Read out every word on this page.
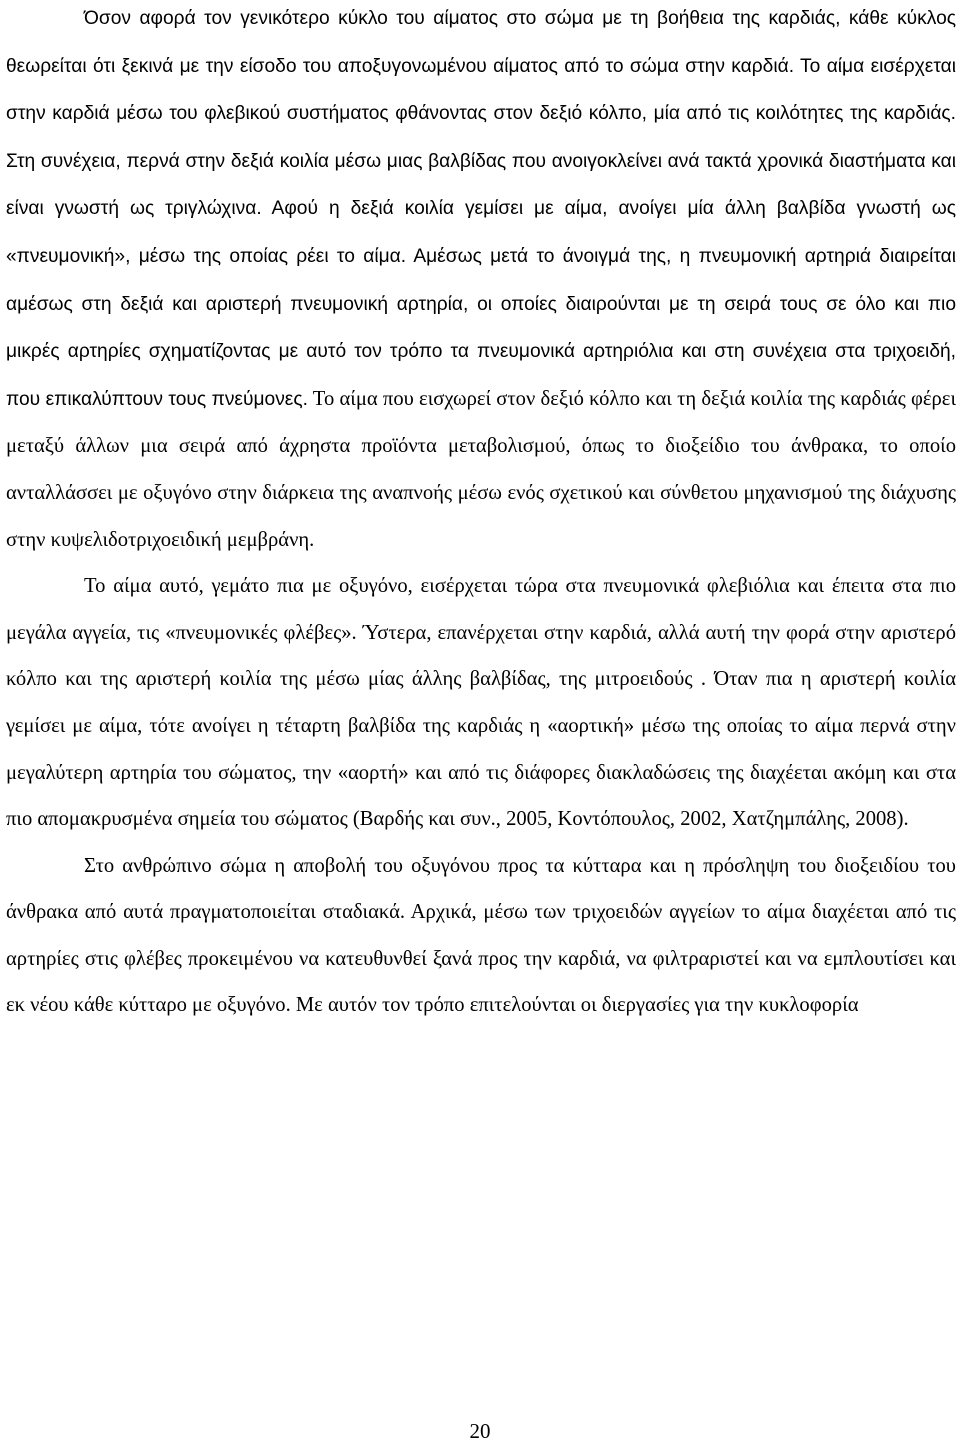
Όσον αφορά τον γενικότερο κύκλο του αίματος στο σώμα με τη βοήθεια της καρδιάς, κάθε κύκλος θεωρείται ότι ξεκινά με την είσοδο του αποξυγονωμένου αίματος από το σώμα στην καρδιά. Το αίμα εισέρχεται στην καρδιά μέσω του φλεβικού συστήματος φθάνοντας στον δεξιό κόλπο, μία από τις κοιλότητες της καρδιάς. Στη συνέχεια, περνά στην δεξιά κοιλία μέσω μιας βαλβίδας που ανοιγοκλείνει ανά τακτά χρονικά διαστήματα και είναι γνωστή ως τριγλώχινα. Αφού η δεξιά κοιλία γεμίσει με αίμα, ανοίγει μία άλλη βαλβίδα γνωστή ως «πνευμονική», μέσω της οποίας ρέει το αίμα. Αμέσως μετά το άνοιγμά της, η πνευμονική αρτηριά διαιρείται αμέσως στη δεξιά και αριστερή πνευμονική αρτηρία, οι οποίες διαιρούνται με τη σειρά τους σε όλο και πιο μικρές αρτηρίες σχηματίζοντας με αυτό τον τρόπο τα πνευμονικά αρτηριόλια και στη συνέχεια στα τριχοειδή, που επικαλύπτουν τους πνεύμονες. Το αίμα που εισχωρεί στον δεξιό κόλπο και τη δεξιά κοιλία της καρδιάς φέρει μεταξύ άλλων μια σειρά από άχρηστα προϊόντα μεταβολισμού, όπως το διοξείδιο του άνθρακα, το οποίο ανταλλάσσει με οξυγόνο στην διάρκεια της αναπνοής μέσω ενός σχετικού και σύνθετου μηχανισμού της διάχυσης στην κυψελιδοτριχοειδική μεμβράνη.

Το αίμα αυτό, γεμάτο πια με οξυγόνο, εισέρχεται τώρα στα πνευμονικά φλεβιόλια και έπειτα στα πιο μεγάλα αγγεία, τις «πνευμονικές φλέβες». Ύστερα, επανέρχεται στην καρδιά, αλλά αυτή την φορά στην αριστερό κόλπο και της αριστερή κοιλία της μέσω μίας άλλης βαλβίδας, της μιτροειδούς . Όταν πια η αριστερή κοιλία γεμίσει με αίμα, τότε ανοίγει η τέταρτη βαλβίδα της καρδιάς η «αορτική» μέσω της οποίας το αίμα περνά στην μεγαλύτερη αρτηρία του σώματος, την «αορτή» και από τις διάφορες διακλαδώσεις της διαχέεται ακόμη και στα πιο απομακρυσμένα σημεία του σώματος (Βαρδής και συν., 2005, Κοντόπουλος, 2002, Χατζημπάλης, 2008).

Στο ανθρώπινο σώμα η αποβολή του οξυγόνου προς τα κύτταρα και η πρόσληψη του διοξειδίου του άνθρακα από αυτά πραγματοποιείται σταδιακά. Αρχικά, μέσω των τριχοειδών αγγείων το αίμα διαχέεται από τις αρτηρίες στις φλέβες προκειμένου να κατευθυνθεί ξανά προς την καρδιά, να φιλτραριστεί και να εμπλουτίσει και εκ νέου κάθε κύτταρο με οξυγόνο. Με αυτόν τον τρόπο επιτελούνται οι διεργασίες για την κυκλοφορία

20
